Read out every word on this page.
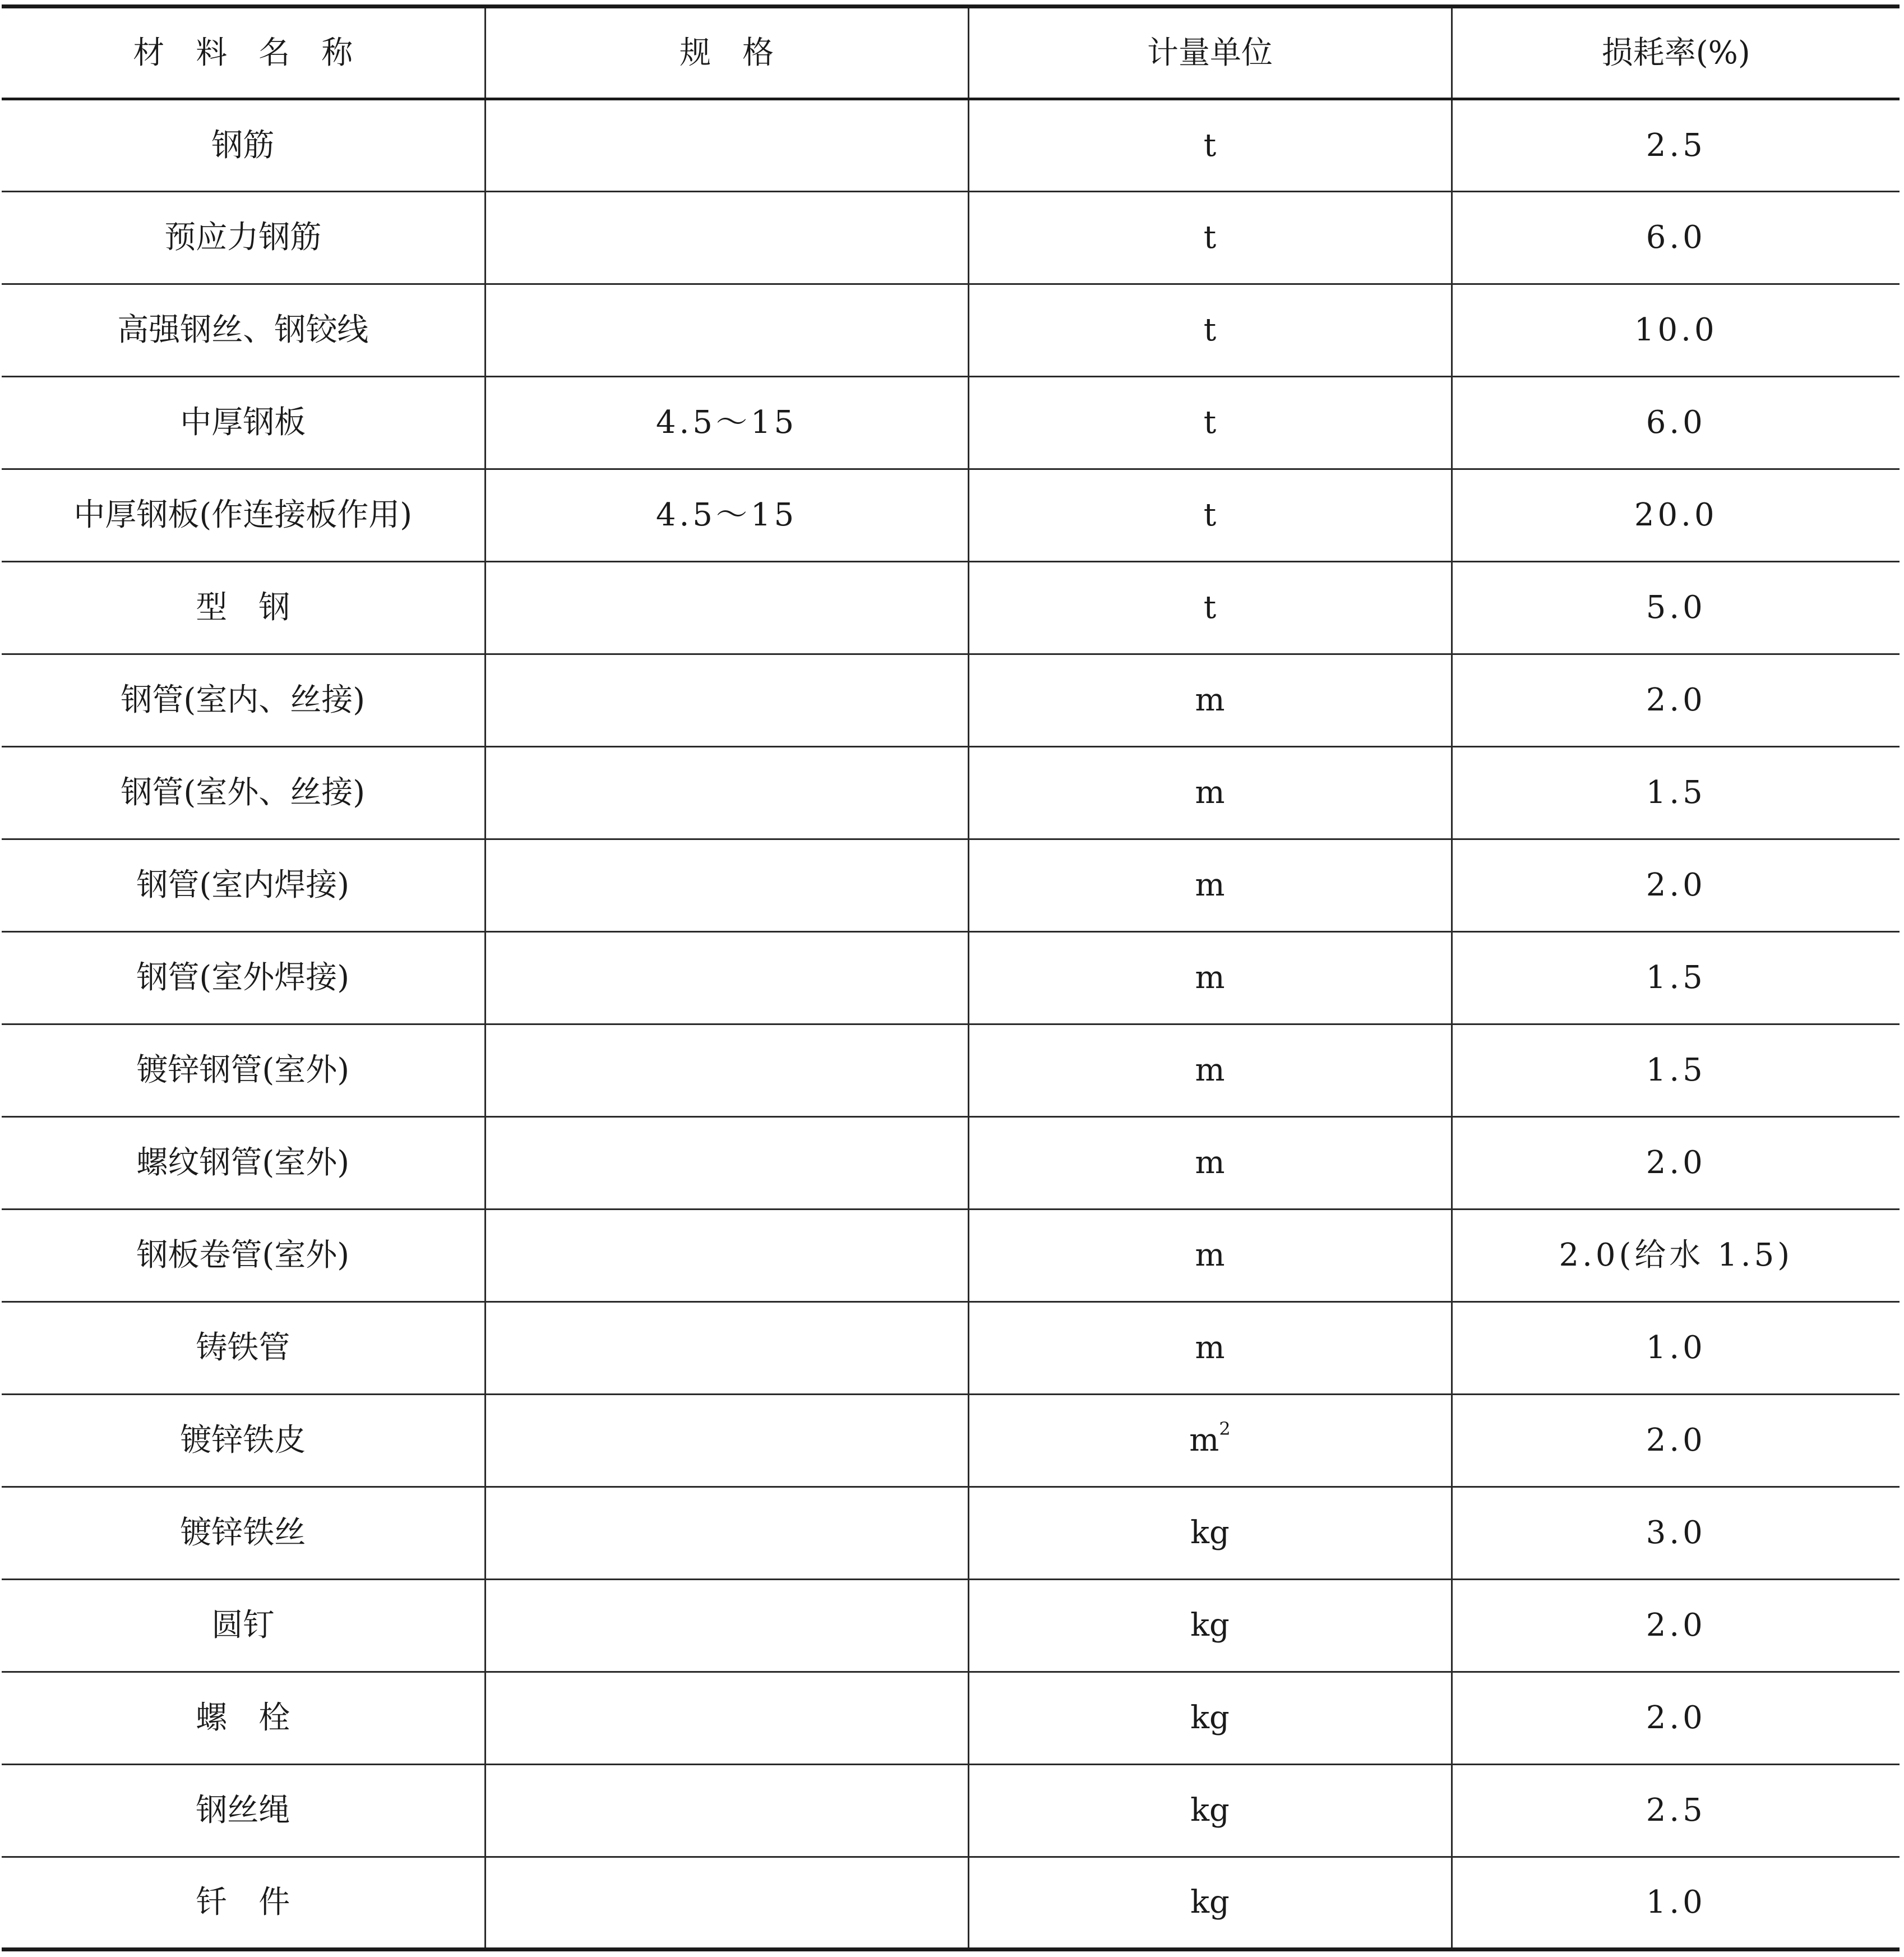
材　料　名　称	规　格	计量单位	损耗率(%)
钢筋		t	2.5
预应力钢筋		t	6.0
高强钢丝、钢铰线		t	10.0
中厚钢板	4.5～15	t	6.0
中厚钢板(作连接板作用)	4.5～15	t	20.0
型　钢		t	5.0
钢管(室内、丝接)		m	2.0
钢管(室外、丝接)		m	1.5
钢管(室内焊接)		m	2.0
钢管(室外焊接)		m	1.5
镀锌钢管(室外)		m	1.5
螺纹钢管(室外)		m	2.0
钢板卷管(室外)		m	2.0(给水 1.5)
铸铁管		m	1.0
镀锌铁皮		$m^2$	2.0
镀锌铁丝		kg	3.0
圆钉		kg	2.0
螺　栓		kg	2.0
钢丝绳		kg	2.5
钎　件		kg	1.0
